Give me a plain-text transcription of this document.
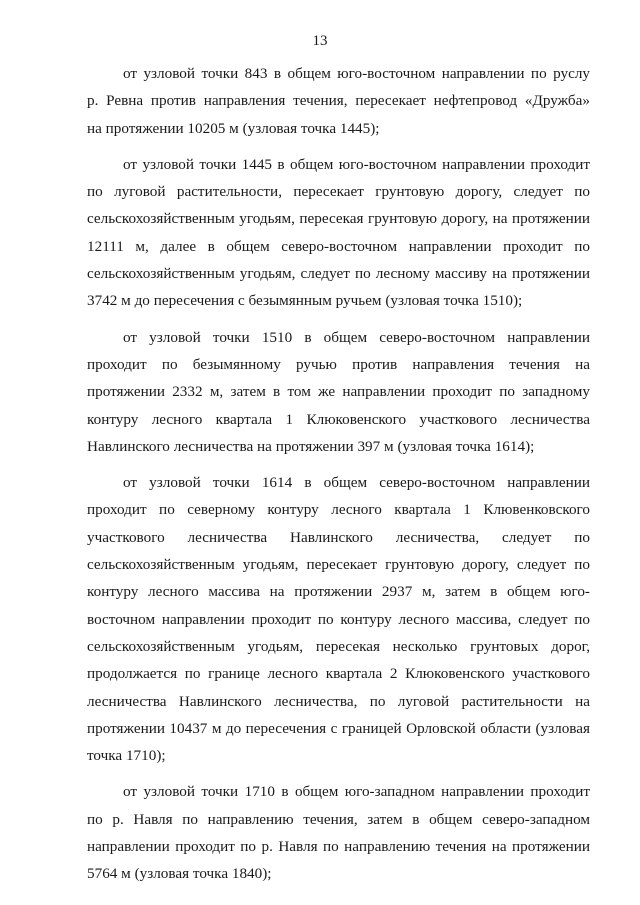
13

от узловой точки 843 в общем юго-восточном направлении по руслу
р. Ревна против направления течения, пересекает нефтепровод «Дружба»
на протяжении 10205 м (узловая точка 1445);

от узловой точки 1445 в общем юго-восточном направлении проходит
по луговой растительности, пересекает грунтовую дорогу, следует по
сельскохозяйственным угодьям, пересекая грунтовую дорогу, на протяжении
12111 м, далее в общем северо-восточном направлении проходит по
сельскохозяйственным угодьям, следует по лесному массиву на протяжении
3742 м до пересечения с безымянным ручьем (узловая точка 1510);

от узловой точки 1510 в общем северо-восточном направлении
проходит по безымянному ручью против направления течения на
протяжении 2332 м, затем в том же направлении проходит по западному
контуру лесного квартала 1 Клюковенского участкового лесничества
Навлинского лесничества на протяжении 397 м (узловая точка 1614);

от узловой точки 1614 в общем северо-восточном направлении
проходит по северному контуру лесного квартала 1 Клювенковского
участкового лесничества Навлинского лесничества, следует по
сельскохозяйственным угодьям, пересекает грунтовую дорогу, следует по
контуру лесного массива на протяжении 2937 м, затем в общем юго-
восточном направлении проходит по контуру лесного массива, следует по
сельскохозяйственным угодьям, пересекая несколько грунтовых дорог,
продолжается по границе лесного квартала 2 Клюковенского участкового
лесничества Навлинского лесничества, по луговой растительности на
протяжении 10437 м до пересечения с границей Орловской области (узловая
точка 1710);

от узловой точки 1710 в общем юго-западном направлении проходит
по р. Навля по направлению течения, затем в общем северо-западном
направлении проходит по р. Навля по направлению течения на протяжении
5764 м (узловая точка 1840);
